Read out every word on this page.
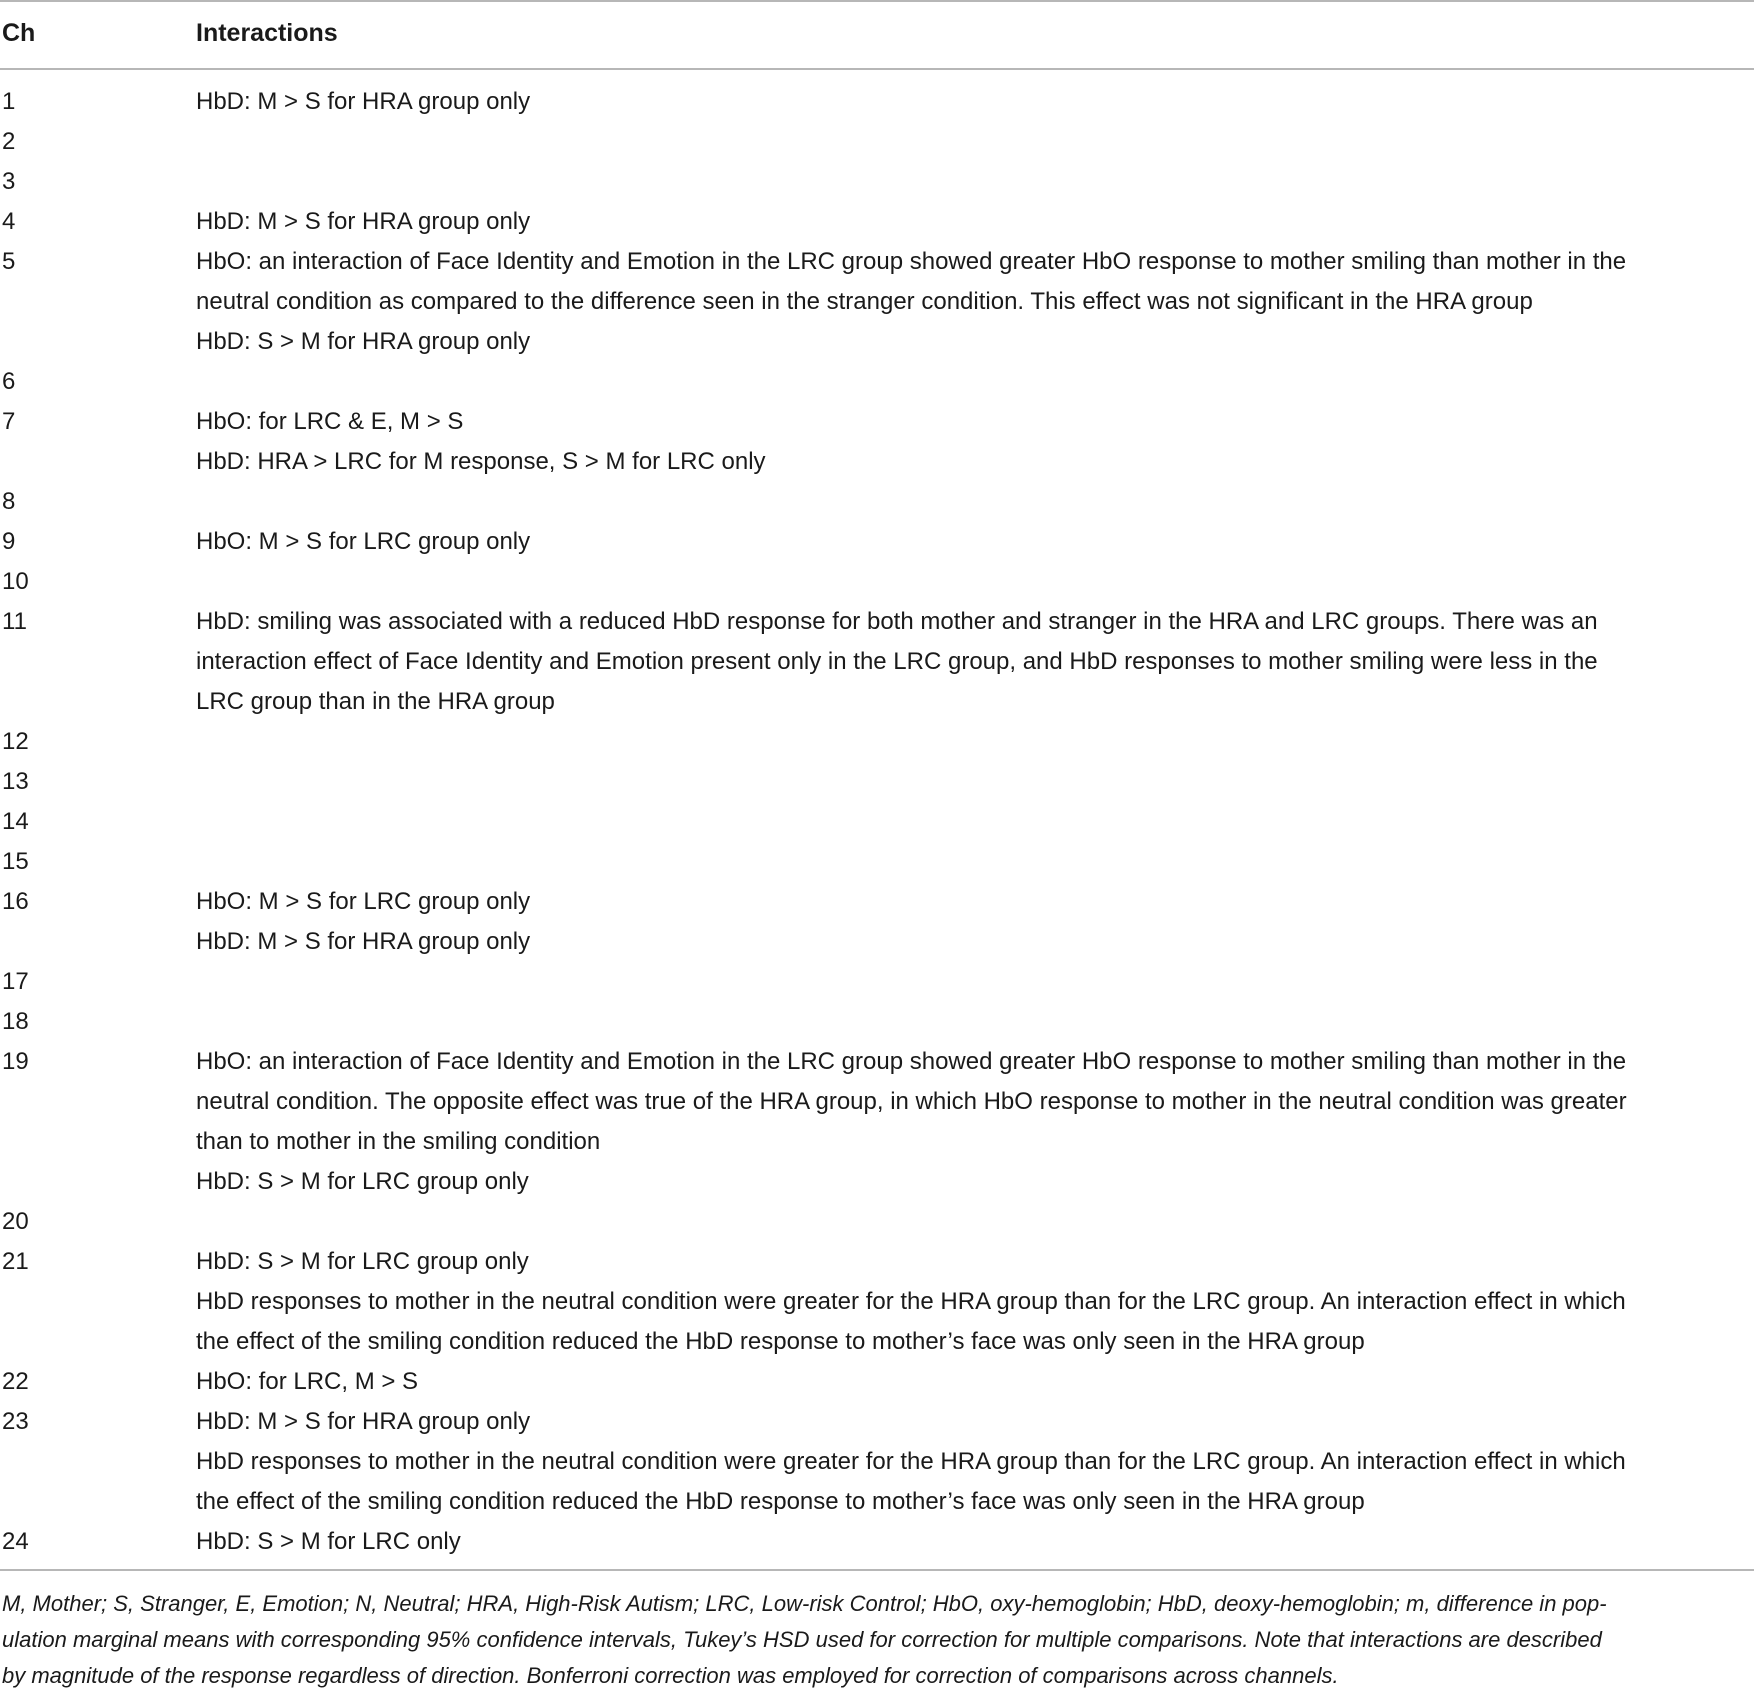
Ch	Interactions
1	HbD: M > S for HRA group only
2
3
4	HbD: M > S for HRA group only
5	HbO: an interaction of Face Identity and Emotion in the LRC group showed greater HbO response to mother smiling than mother in the
neutral condition as compared to the difference seen in the stranger condition. This effect was not significant in the HRA group
HbD: S > M for HRA group only
6
7	HbO: for LRC & E, M > S
HbD: HRA > LRC for M response, S > M for LRC only
8
9	HbO: M > S for LRC group only
10
11	HbD: smiling was associated with a reduced HbD response for both mother and stranger in the HRA and LRC groups. There was an
interaction effect of Face Identity and Emotion present only in the LRC group, and HbD responses to mother smiling were less in the
LRC group than in the HRA group
12
13
14
15
16	HbO: M > S for LRC group only
HbD: M > S for HRA group only
17
18
19	HbO: an interaction of Face Identity and Emotion in the LRC group showed greater HbO response to mother smiling than mother in the
neutral condition. The opposite effect was true of the HRA group, in which HbO response to mother in the neutral condition was greater
than to mother in the smiling condition
HbD: S > M for LRC group only
20
21	HbD: S > M for LRC group only
HbD responses to mother in the neutral condition were greater for the HRA group than for the LRC group. An interaction effect in which
the effect of the smiling condition reduced the HbD response to mother’s face was only seen in the HRA group
22	HbO: for LRC, M > S
23	HbD: M > S for HRA group only
HbD responses to mother in the neutral condition were greater for the HRA group than for the LRC group. An interaction effect in which
the effect of the smiling condition reduced the HbD response to mother’s face was only seen in the HRA group
24	HbD: S > M for LRC only
M, Mother; S, Stranger, E, Emotion; N, Neutral; HRA, High-Risk Autism; LRC, Low-risk Control; HbO, oxy-hemoglobin; HbD, deoxy-hemoglobin; m, difference in pop-
ulation marginal means with corresponding 95% confidence intervals, Tukey’s HSD used for correction for multiple comparisons. Note that interactions are described
by magnitude of the response regardless of direction. Bonferroni correction was employed for correction of comparisons across channels.
